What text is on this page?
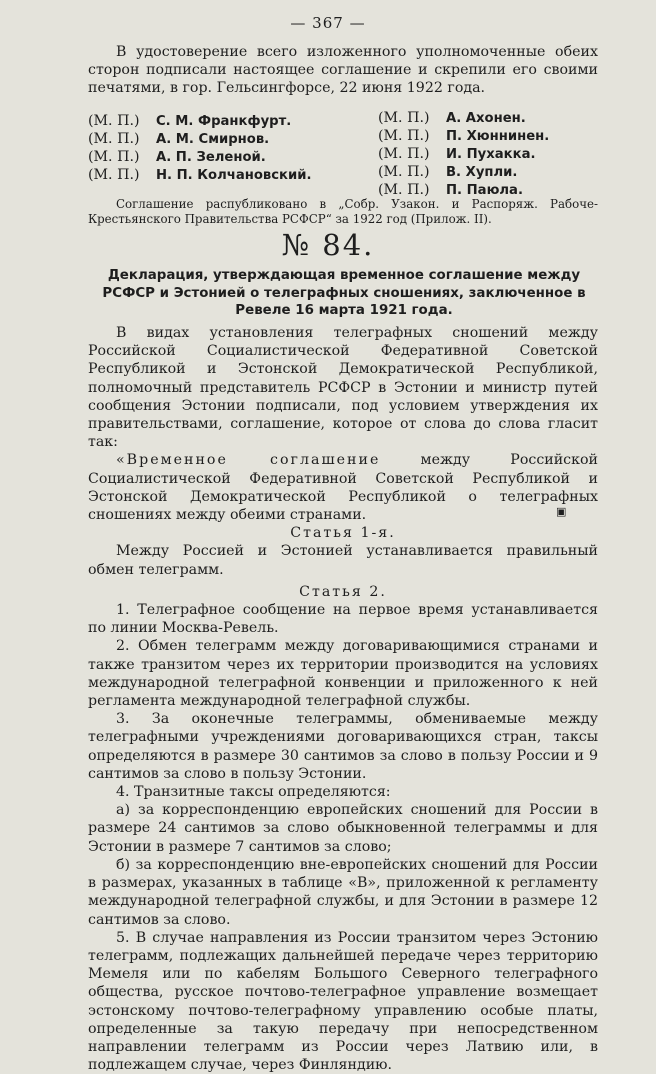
— 367 —
В удостоверение всего изложенного уполномоченные обеих сторон подписали настоящее соглашение и скрепили его своими печатями, в гор. Гельсингфорсе, 22 июня 1922 года.
(М. П.) С. М. Франкфурт.
(М. П.) А. М. Смирнов.
(М. П.) А. П. Зеленой.
(М. П.) Н. П. Колчановский.
(М. П.) А. Ахонен.
(М. П.) П. Хюннинен.
(М. П.) И. Пухакка.
(М. П.) В. Хупли.
(М. П.) П. Паюла.
Соглашение распубликовано в „Собр. Узакон. и Распоряж. Рабоче-Крестьянского Правительства РСФСР“ за 1922 год (Прилож. II).
№ 84.
Декларация, утверждающая временное соглашение между РСФСР и Эстонией о телеграфных сношениях, заключенное в Ревеле 16 марта 1921 года.
В видах установления телеграфных сношений между Российской Социалистической Федеративной Советской Республикой и Эстонской Демократической Республикой, полномочный представитель РСФСР в Эстонии и министр путей сообщения Эстонии подписали, под условием утверждения их правительствами, соглашение, которое от слова до слова гласит так:
«Временное соглашение между Российской Социалистической Федеративной Советской Республикой и Эстонской Демократической Республикой о телеграфных сношениях между обеими странами.
Статья 1-я.
Между Россией и Эстонией устанавливается правильный обмен телеграмм.
Статья 2.
1. Телеграфное сообщение на первое время устанавливается по линии Москва-Ревель.
2. Обмен телеграмм между договаривающимися странами и также транзитом через их территории производится на условиях международной телеграфной конвенции и приложенного к ней регламента международной телеграфной службы.
3. За оконечные телеграммы, обмениваемые между телеграфными учреждениями договаривающихся стран, таксы определяются в размере 30 сантимов за слово в пользу России и 9 сантимов за слово в пользу Эстонии.
4. Транзитные таксы определяются:
а) за корреспонденцию европейских сношений для России в размере 24 сантимов за слово обыкновенной телеграммы и для Эстонии в размере 7 сантимов за слово;
б) за корреспонденцию вне-европейских сношений для России в размерах, указанных в таблице «В», приложенной к регламенту международной телеграфной службы, и для Эстонии в размере 12 сантимов за слово.
5. В случае направления из России транзитом через Эстонию телеграмм, подлежащих дальнейшей передаче через территорию Мемеля или по кабелям Большого Северного телеграфного общества, русское почтово-телеграфное управление возмещает эстонскому почтово-телеграфному управлению особые платы, определенные за такую передачу при непосредственном направлении телеграмм из России через Латвию или, в подлежащем случае, через Финляндию.
▣
